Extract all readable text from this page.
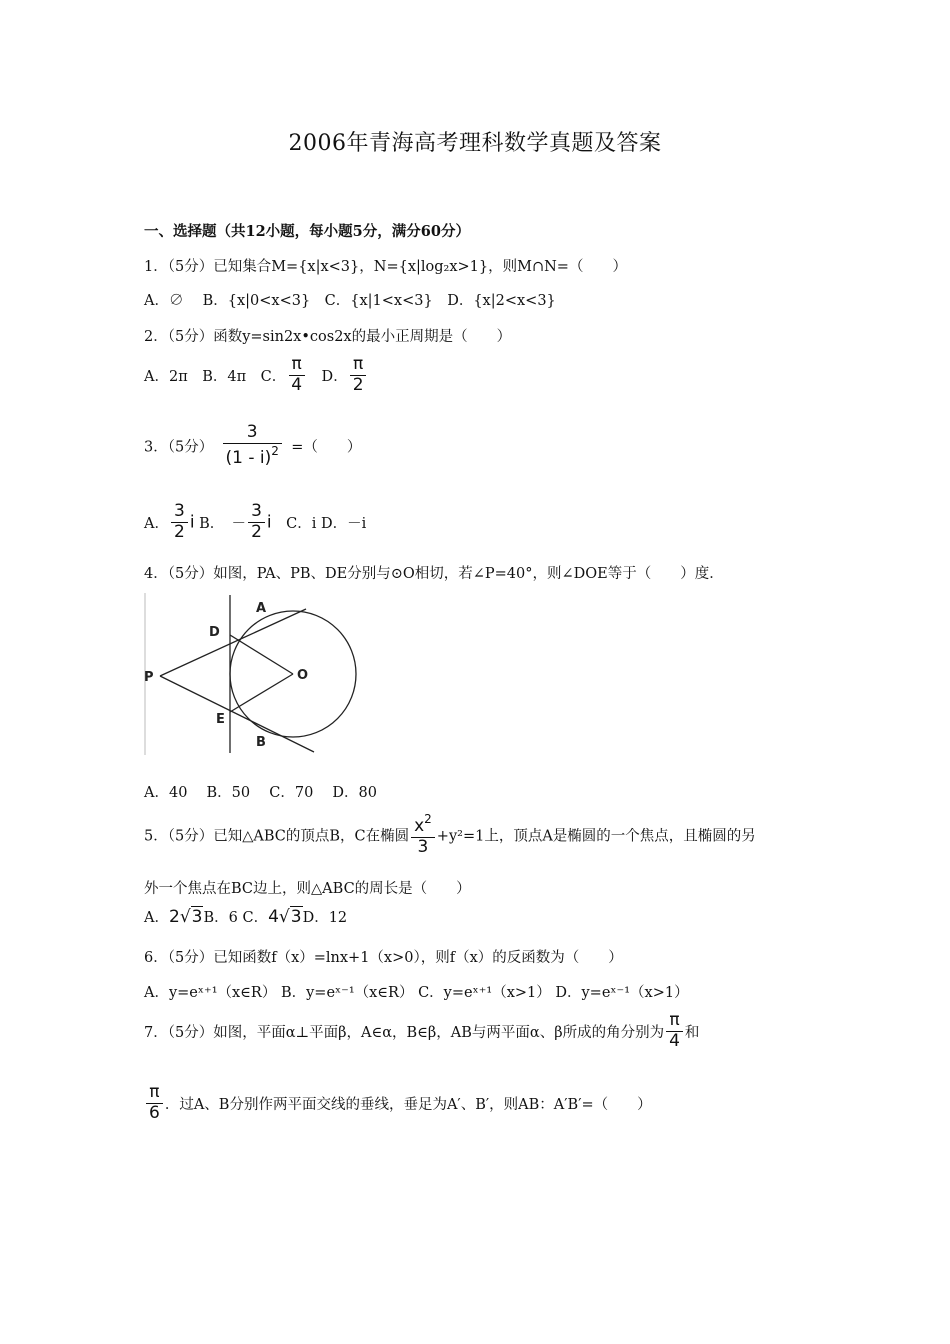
2006年青海高考理科数学真题及答案
一、选择题（共12小题，每小题5分，满分60分）
1．（5分）已知集合M={x|x<3}，N={x|log₂x>1}，则M∩N=（　　）
A．∅　 B．{x|0<x<3}　C．{x|1<x<3}　D．{x|2<x<3}
2．（5分）函数y=sin2x•cos2x的最小正周期是（　　）
A．2π　B．4π　C． $\frac{\pi}{4}$ 　D． $\frac{\pi}{2}$
3．（5分） $\frac{3}{(1 - i)^2}$ =（　　）
A． $\frac{3}{2}$ i B．　－ $\frac{3}{2}$ i　C．i D．－i
4．（5分）如图，PA、PB、DE分别与⊙O相切，若∠P=40°，则∠DOE等于（　　）度．
A
D
P	O
E
B
A．40　 B．50　 C．70　 D．80
5．（5分）已知△ABC的顶点B，C在椭圆 $\frac{x^2}{3} +y^2=1$上，顶点A是椭圆的一个焦点，且椭圆的另
外一个焦点在BC边上，则△ABC的周长是（　　）
A．2√3B．6 C．4√3D．12
6．（5分）已知函数f（x）=lnx+1（x>0），则f（x）的反函数为（　　）
A．y=eˣ⁺¹（x∈R） B．y=eˣ⁻¹（x∈R） C．y=eˣ⁺¹（x>1） D．y=eˣ⁻¹（x>1）
7．（5分）如图，平面α⊥平面β，A∈α，B∈β，AB与两平面α、β所成的角分别为 $\frac{\pi}{4}$ 和
$\frac{\pi}{6}$ ．过A、B分别作两平面交线的垂线，垂足为A′、B′，则AB：A′B′=（　　）
